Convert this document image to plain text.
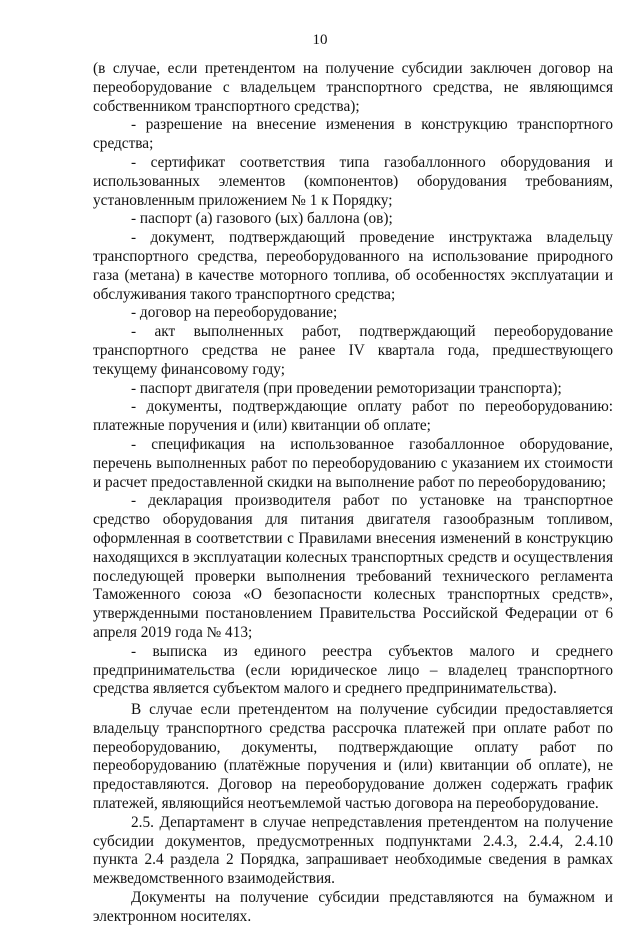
10

(в случае, если претендентом на получение субсидии заключен договор на переоборудование с владельцем транспортного средства, не являющимся собственником транспортного средства);

- разрешение на внесение изменения в конструкцию транспортного средства;

- сертификат соответствия типа газобаллонного оборудования и использованных элементов (компонентов) оборудования требованиям, установленным приложением № 1 к Порядку;

- паспорт (а) газового (ых) баллона (ов);

- документ, подтверждающий проведение инструктажа владельцу транспортного средства, переоборудованного на использование природного газа (метана) в качестве моторного топлива, об особенностях эксплуатации и обслуживания такого транспортного средства;

- договор на переоборудование;

- акт выполненных работ, подтверждающий переоборудование транспортного средства не ранее IV квартала года, предшествующего текущему финансовому году;

- паспорт двигателя (при проведении ремоторизации транспорта);

- документы, подтверждающие оплату работ по переоборудованию: платежные поручения и (или) квитанции об оплате;

- спецификация на использованное газобаллонное оборудование, перечень выполненных работ по переоборудованию с указанием их стоимости и расчет предоставленной скидки на выполнение работ по переоборудованию;

- декларация производителя работ по установке на транспортное средство оборудования для питания двигателя газообразным топливом, оформленная в соответствии с Правилами внесения изменений в конструкцию находящихся в эксплуатации колесных транспортных средств и осуществления последующей проверки выполнения требований технического регламента Таможенного союза «О безопасности колесных транспортных средств», утвержденными постановлением Правительства Российской Федерации от 6 апреля 2019 года № 413;

- выписка из единого реестра субъектов малого и среднего предпринимательства (если юридическое лицо – владелец транспортного средства является субъектом малого и среднего предпринимательства).

В случае если претендентом на получение субсидии предоставляется владельцу транспортного средства рассрочка платежей при оплате работ по переоборудованию, документы, подтверждающие оплату работ по переоборудованию (платёжные поручения и (или) квитанции об оплате), не предоставляются. Договор на переоборудование должен содержать график платежей, являющийся неотъемлемой частью договора на переоборудование.

2.5. Департамент в случае непредставления претендентом на получение субсидии документов, предусмотренных подпунктами 2.4.3, 2.4.4, 2.4.10 пункта 2.4 раздела 2 Порядка, запрашивает необходимые сведения в рамках межведомственного взаимодействия.

Документы на получение субсидии представляются на бумажном и электронном носителях.
